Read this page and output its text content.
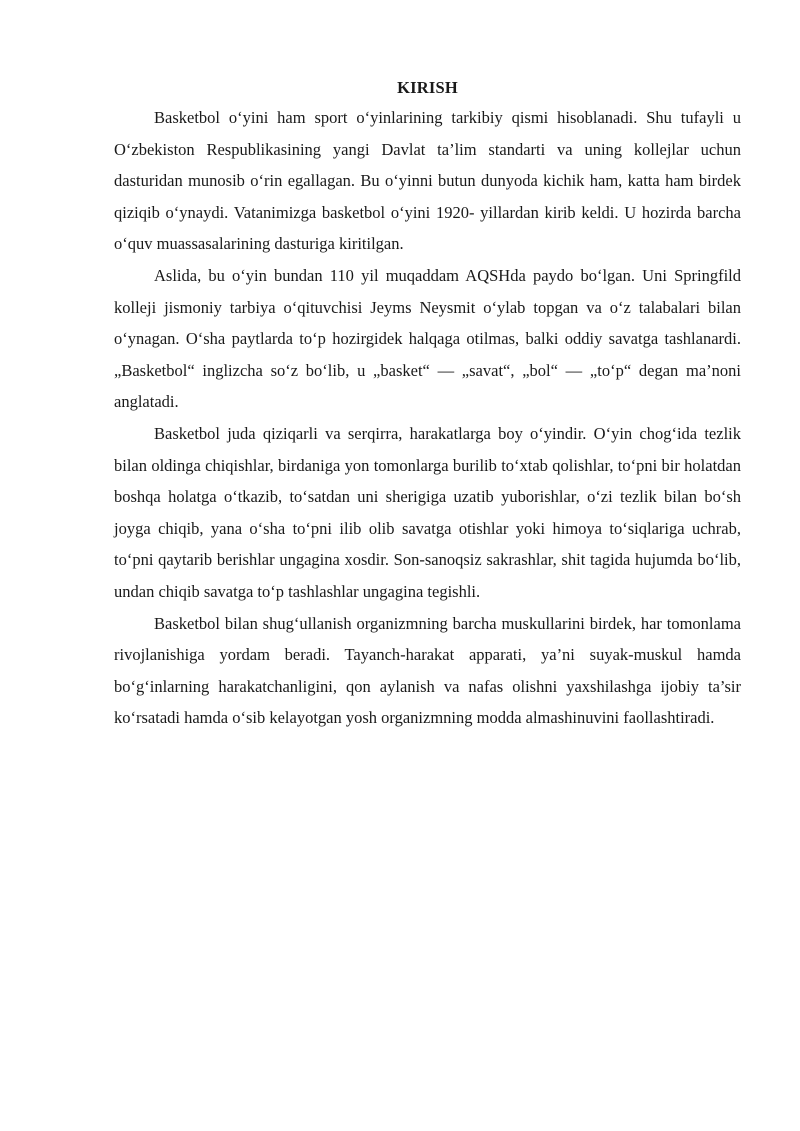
KIRISH

Basketbol o‘yini ham sport o‘yinlarining tarkibiy qismi hisoblanadi. Shu tufayli u O‘zbekiston Respublikasining yangi Davlat ta’lim standarti va uning kollejlar uchun dasturidan munosib o‘rin egallagan. Bu o‘yinni butun dunyoda kichik ham, katta ham birdek qiziqib o‘ynaydi. Vatanimizga basketbol o‘yini 1920- yillardan kirib keldi. U hozirda barcha o‘quv muassasalarining dasturiga kiritilgan.

Aslida, bu o‘yin bundan 110 yil muqaddam AQSHda paydo bo‘lgan. Uni Springfild kolleji jismoniy tarbiya o‘qituvchisi Jeyms Neysmit o‘ylab topgan va o‘z talabalari bilan o‘ynagan. O‘sha paytlarda to‘p hozirgidek halqaga otilmas, balki oddiy savatga tashlanardi. „Basketbol“ inglizcha so‘z bo‘lib, u „basket“ — „savat“, „bol“ — „to‘p“ degan ma’noni anglatadi.

Basketbol juda qiziqarli va serqirra, harakatlarga boy o‘yindir. O‘yin chog‘ida tezlik bilan oldinga chiqishlar, birdaniga yon tomonlarga burilib to‘xtab qolishlar, to‘pni bir holatdan boshqa holatga o‘tkazib, to‘satdan uni sherigiga uzatib yuborishlar, o‘zi tezlik bilan bo‘sh joyga chiqib, yana o‘sha to‘pni ilib olib savatga otishlar yoki himoya to‘siqlariga uchrab, to‘pni qaytarib berishlar ungagina xosdir. Son-sanoqsiz sakrashlar, shit tagida hujumda bo‘lib, undan chiqib savatga to‘p tashlashlar ungagina tegishli.

Basketbol bilan shug‘ullanish organizmning barcha muskullarini birdek, har tomonlama rivojlanishiga yordam beradi. Tayanch-harakat apparati, ya’ni suyak-muskul hamda bo‘g‘inlarning harakatchanligini, qon aylanish va nafas olishni yaxshilashga ijobiy ta’sir ko‘rsatadi hamda o‘sib kelayotgan yosh organizmning modda almashinuvini faollashtiradi.
